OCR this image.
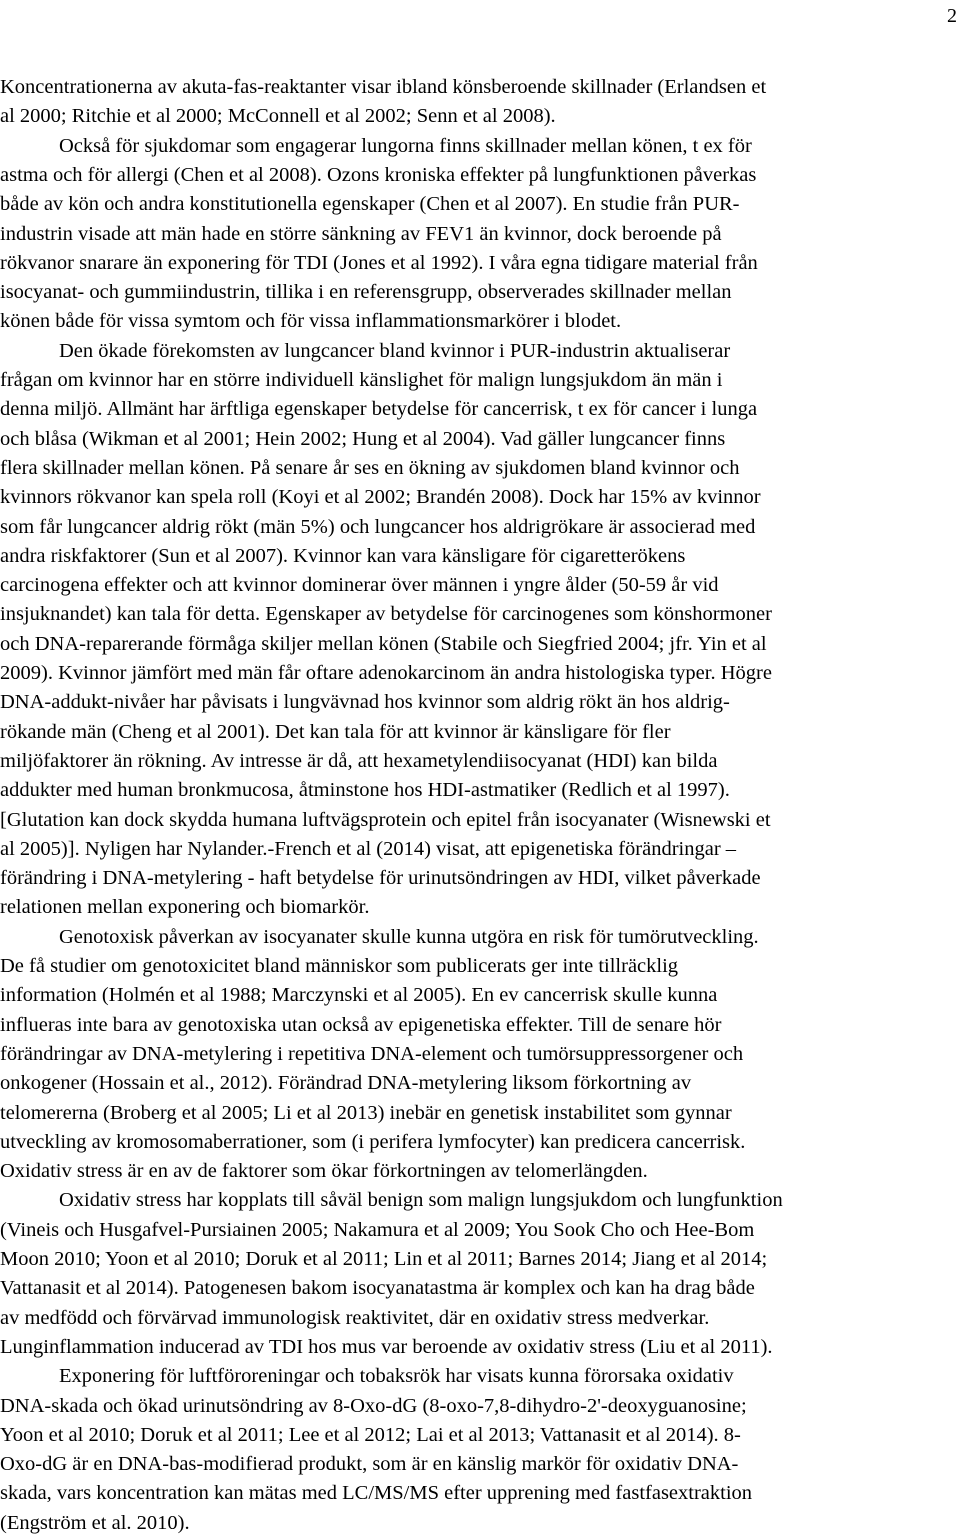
2
Koncentrationerna av akuta-fas-reaktanter visar ibland könsberoende skillnader (Erlandsen et
al 2000; Ritchie et al 2000; McConnell et al 2002; Senn et al 2008).
Också för sjukdomar som engagerar lungorna finns skillnader mellan könen, t ex för
astma och för allergi (Chen et al 2008). Ozons kroniska effekter på lungfunktionen påverkas
både av kön och andra konstitutionella egenskaper (Chen et al 2007). En studie från PUR-
industrin visade att män hade en större sänkning av FEV1 än kvinnor, dock beroende på
rökvanor snarare än exponering för TDI (Jones et al 1992). I våra egna tidigare material från
isocyanat- och gummiindustrin, tillika i en referensgrupp, observerades skillnader mellan
könen både för vissa symtom och för vissa inflammationsmarkörer i blodet.
Den ökade förekomsten av lungcancer bland kvinnor i PUR-industrin aktualiserar
frågan om kvinnor har en större individuell känslighet för malign lungsjukdom än män i
denna miljö. Allmänt har ärftliga egenskaper betydelse för cancerrisk, t ex för cancer i lunga
och blåsa (Wikman et al 2001; Hein 2002; Hung et al 2004). Vad gäller lungcancer finns
flera skillnader mellan könen. På senare år ses en ökning av sjukdomen bland kvinnor och
kvinnors rökvanor kan spela roll (Koyi et al 2002; Brandén 2008). Dock har 15% av kvinnor
som får lungcancer aldrig rökt (män 5%) och lungcancer hos aldrigrökare är associerad med
andra riskfaktorer (Sun et al 2007). Kvinnor kan vara känsligare för cigaretterökens
carcinogena effekter och att kvinnor dominerar över männen i yngre ålder (50-59 år vid
insjuknandet) kan tala för detta. Egenskaper av betydelse för carcinogenes som könshormoner
och DNA-reparerande förmåga skiljer mellan könen (Stabile och Siegfried 2004; jfr. Yin et al
2009). Kvinnor jämfört med män får oftare adenokarcinom än andra histologiska typer. Högre
DNA-addukt-nivåer har påvisats i lungvävnad hos kvinnor som aldrig rökt än hos aldrig-
rökande män (Cheng et al 2001). Det kan tala för att kvinnor är känsligare för fler
miljöfaktorer än rökning. Av intresse är då, att hexametylendiisocyanat (HDI) kan bilda
addukter med human bronkmucosa, åtminstone hos HDI-astmatiker (Redlich et al 1997).
[Glutation kan dock skydda humana luftvägsprotein och epitel från isocyanater (Wisnewski et
al 2005)]. Nyligen har Nylander.-French et al (2014) visat, att epigenetiska förändringar –
förändring i DNA-metylering - haft betydelse för urinutsöndringen av HDI, vilket påverkade
relationen mellan exponering och biomarkör.
Genotoxisk påverkan av isocyanater skulle kunna utgöra en risk för tumörutveckling.
De få studier om genotoxicitet bland människor som publicerats ger inte tillräcklig
information (Holmén et al 1988; Marczynski et al 2005). En ev cancerrisk skulle kunna
influeras inte bara av genotoxiska utan också av epigenetiska effekter. Till de senare hör
förändringar av DNA-metylering i repetitiva DNA-element och tumörsuppressorgener och
onkogener (Hossain et al., 2012). Förändrad DNA-metylering liksom förkortning av
telomererna (Broberg et al 2005; Li et al 2013) inebär en genetisk instabilitet som gynnar
utveckling av kromosomaberrationer, som (i perifera lymfocyter) kan predicera cancerrisk.
Oxidativ stress är en av de faktorer som ökar förkortningen av telomerlängden.
Oxidativ stress har kopplats till såväl benign som malign lungsjukdom och lungfunktion
(Vineis och Husgafvel-Pursiainen 2005; Nakamura et al 2009; You Sook Cho och Hee-Bom
Moon 2010; Yoon et al 2010; Doruk et al 2011; Lin et al 2011; Barnes 2014; Jiang et al 2014;
Vattanasit et al 2014). Patogenesen bakom isocyanatastma är komplex och kan ha drag både
av medfödd och förvärvad immunologisk reaktivitet, där en oxidativ stress medverkar.
Lunginflammation inducerad av TDI hos mus var beroende av oxidativ stress (Liu et al 2011).
Exponering för luftföroreningar och tobaksrök har visats kunna förorsaka oxidativ
DNA-skada och ökad urinutsöndring av 8-Oxo-dG (8-oxo-7,8-dihydro-2'-deoxyguanosine;
Yoon et al 2010; Doruk et al 2011; Lee et al 2012; Lai et al 2013; Vattanasit et al 2014). 8-
Oxo-dG är en DNA-bas-modifierad produkt, som är en känslig markör för oxidativ DNA-
skada, vars koncentration kan mätas med LC/MS/MS efter upprening med fastfasextraktion
(Engström et al. 2010).
